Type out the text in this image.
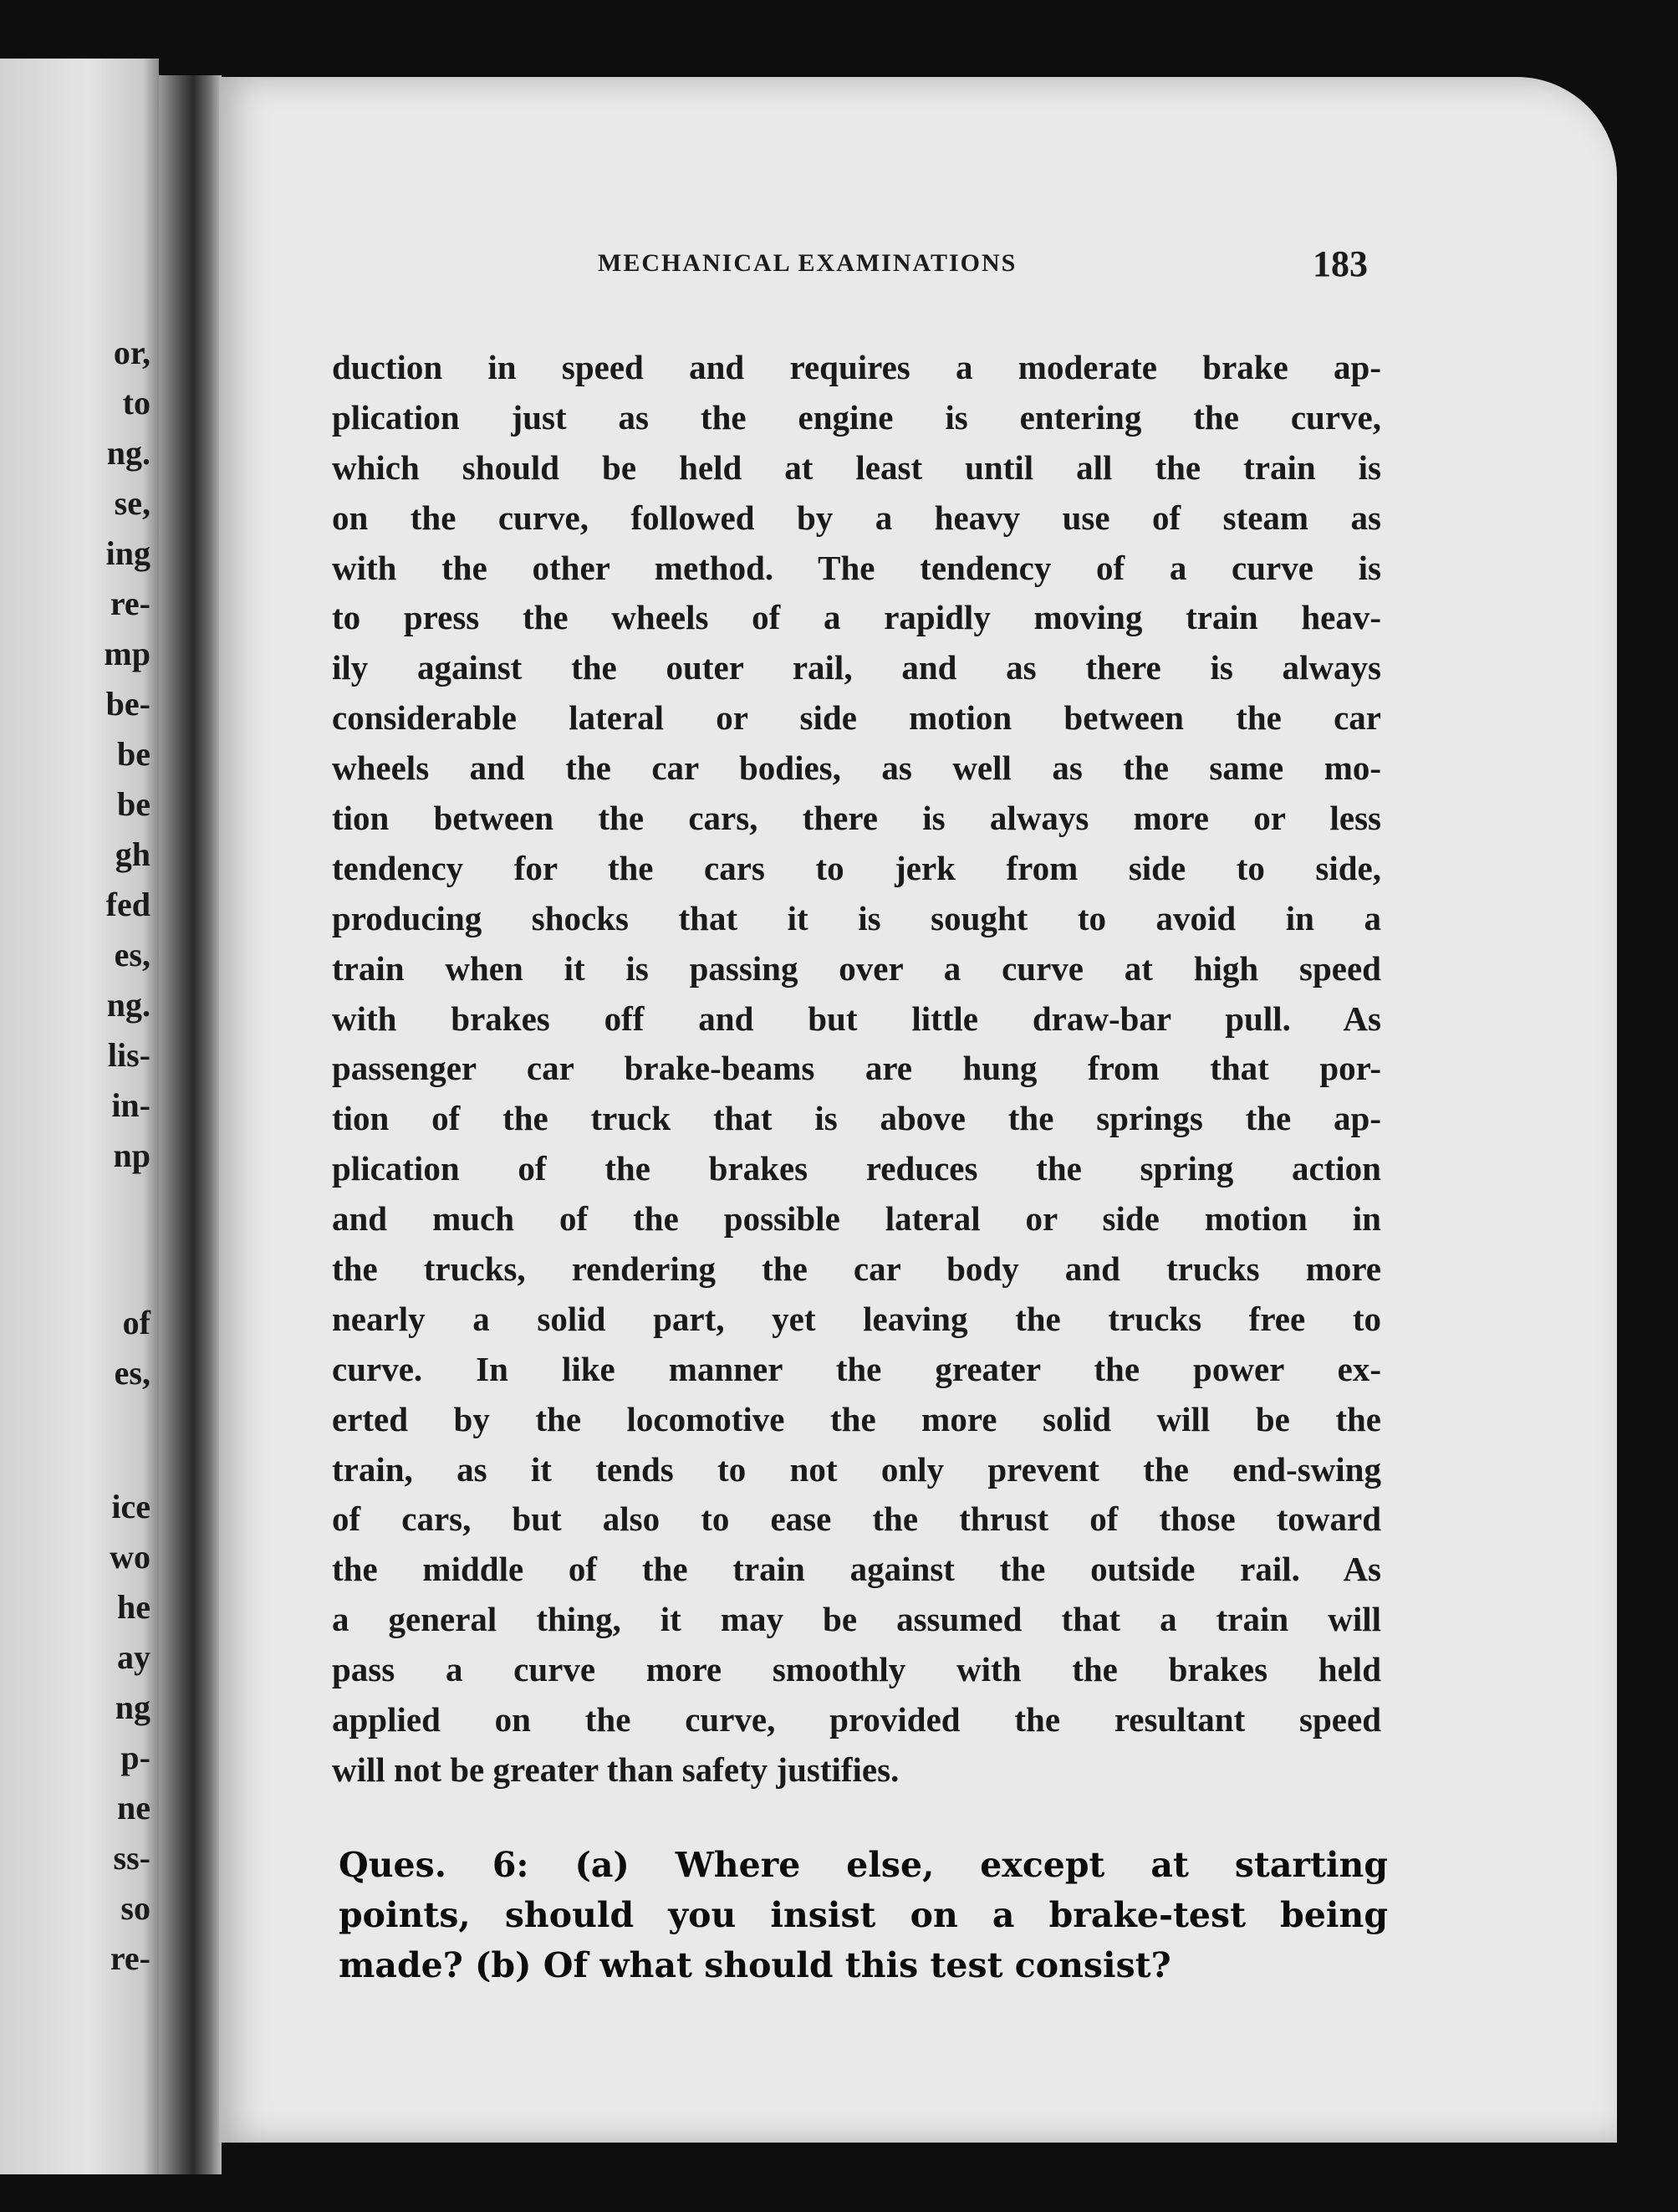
or,
to
ng.
se,
ing
re-
mp
be-
be
be
gh
fed
es,
ng.
lis-
in-
np
of
es,
ice
wo
he
ay
ng
p-
ne
ss-
so
re-
MECHANICAL EXAMINATIONS	183
duction in speed and requires a moderate brake ap-
plication just as the engine is entering the curve,
which should be held at least until all the train is
on the curve, followed by a heavy use of steam as
with the other method. The tendency of a curve is
to press the wheels of a rapidly moving train heav-
ily against the outer rail, and as there is always
considerable lateral or side motion between the car
wheels and the car bodies, as well as the same mo-
tion between the cars, there is always more or less
tendency for the cars to jerk from side to side,
producing shocks that it is sought to avoid in a
train when it is passing over a curve at high speed
with brakes off and but little draw-bar pull. As
passenger car brake-beams are hung from that por-
tion of the truck that is above the springs the ap-
plication of the brakes reduces the spring action
and much of the possible lateral or side motion in
the trucks, rendering the car body and trucks more
nearly a solid part, yet leaving the trucks free to
curve. In like manner the greater the power ex-
erted by the locomotive the more solid will be the
train, as it tends to not only prevent the end-swing
of cars, but also to ease the thrust of those toward
the middle of the train against the outside rail. As
a general thing, it may be assumed that a train will
pass a curve more smoothly with the brakes held
applied on the curve, provided the resultant speed
will not be greater than safety justifies.
Ques. 6: (a) Where else, except at starting
points, should you insist on a brake-test being
made? (b) Of what should this test consist?
